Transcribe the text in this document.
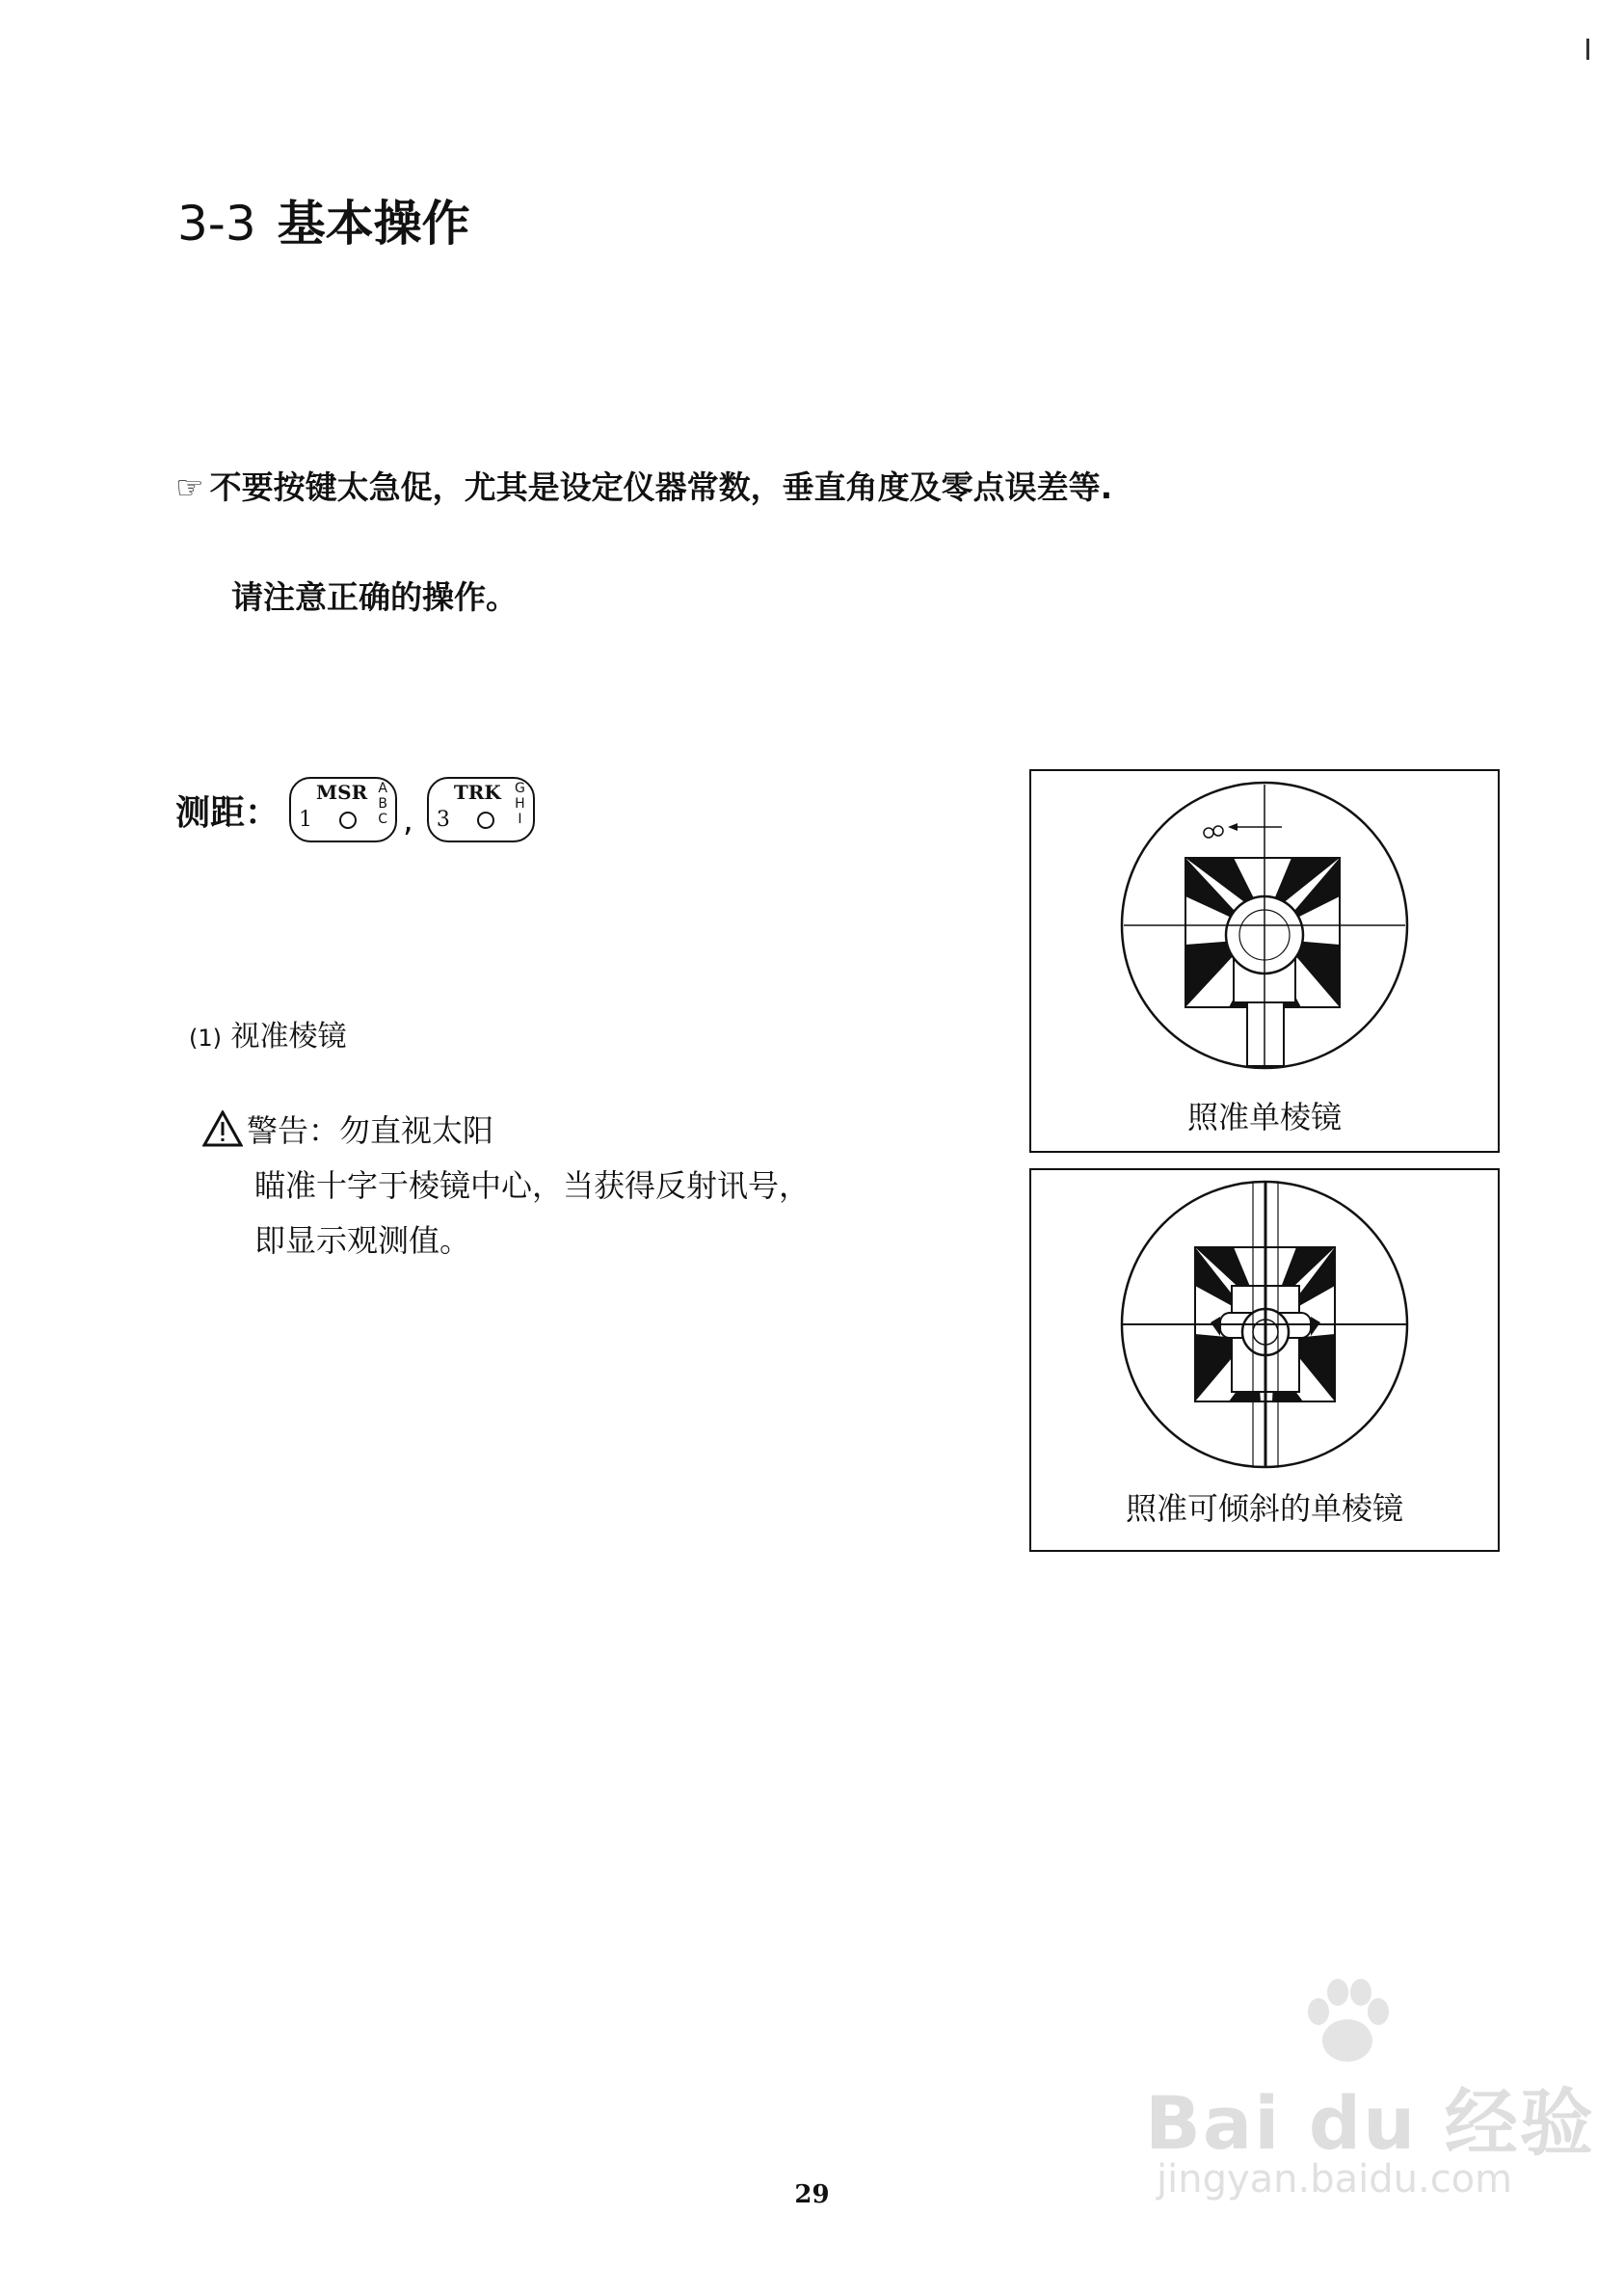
3-3 基本操作
☞ 不要按键太急促，尤其是设定仪器常数，垂直角度及零点误差等.
请注意正确的操作。
测距：
MSR
1
A
B
C ,
TRK
3
G
H
I
(1) 视准棱镜
警告 ： 勿直视太阳
瞄准十字于棱镜中心，当获得反射讯号，
即显示观测值。
照准单棱镜
照准可倾斜的单棱镜
29
Bai du 经验
jingyan.baidu.com
